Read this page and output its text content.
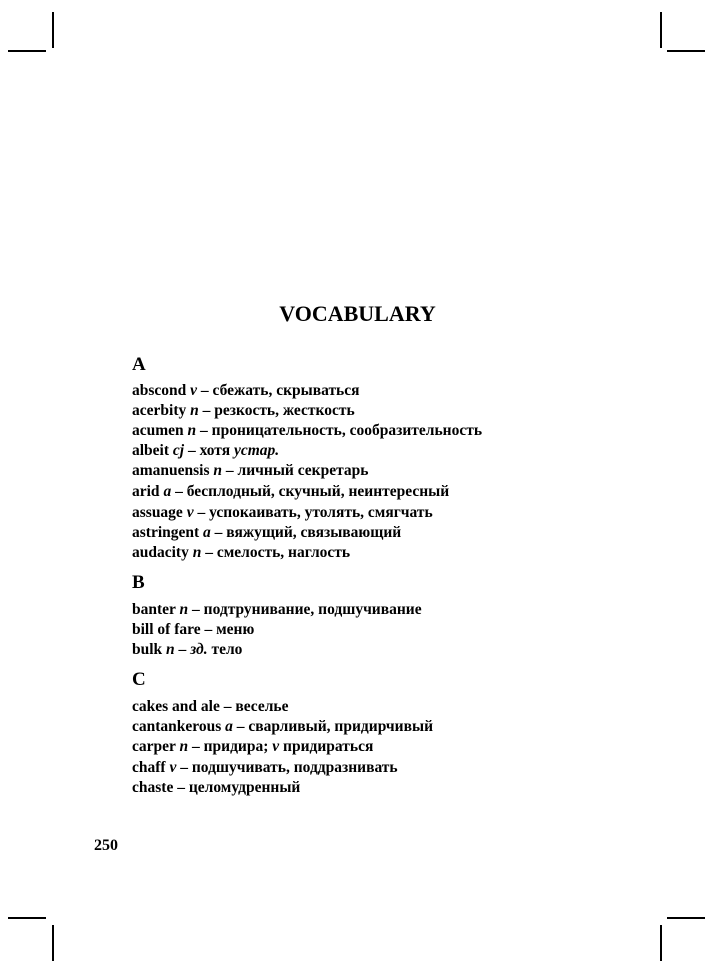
VOCABULARY
A
abscond v – сбежать, скрываться
acerbity n – резкость, жесткость
acumen n – проницательность, сообразительность
albeit cj – хотя устар.
amanuensis n – личный секретарь
arid a – бесплодный, скучный, неинтересный
assuage v – успокаивать, утолять, смягчать
astringent a – вяжущий, связывающий
audacity n – смелость, наглость
B
banter n – подтрунивание, подшучивание
bill of fare – меню
bulk n – зд. тело
C
cakes and ale – веселье
cantankerous a – сварливый, придирчивый
carper n – придира; v придираться
chaff v – подшучивать, поддразнивать
chaste – целомудренный
250
